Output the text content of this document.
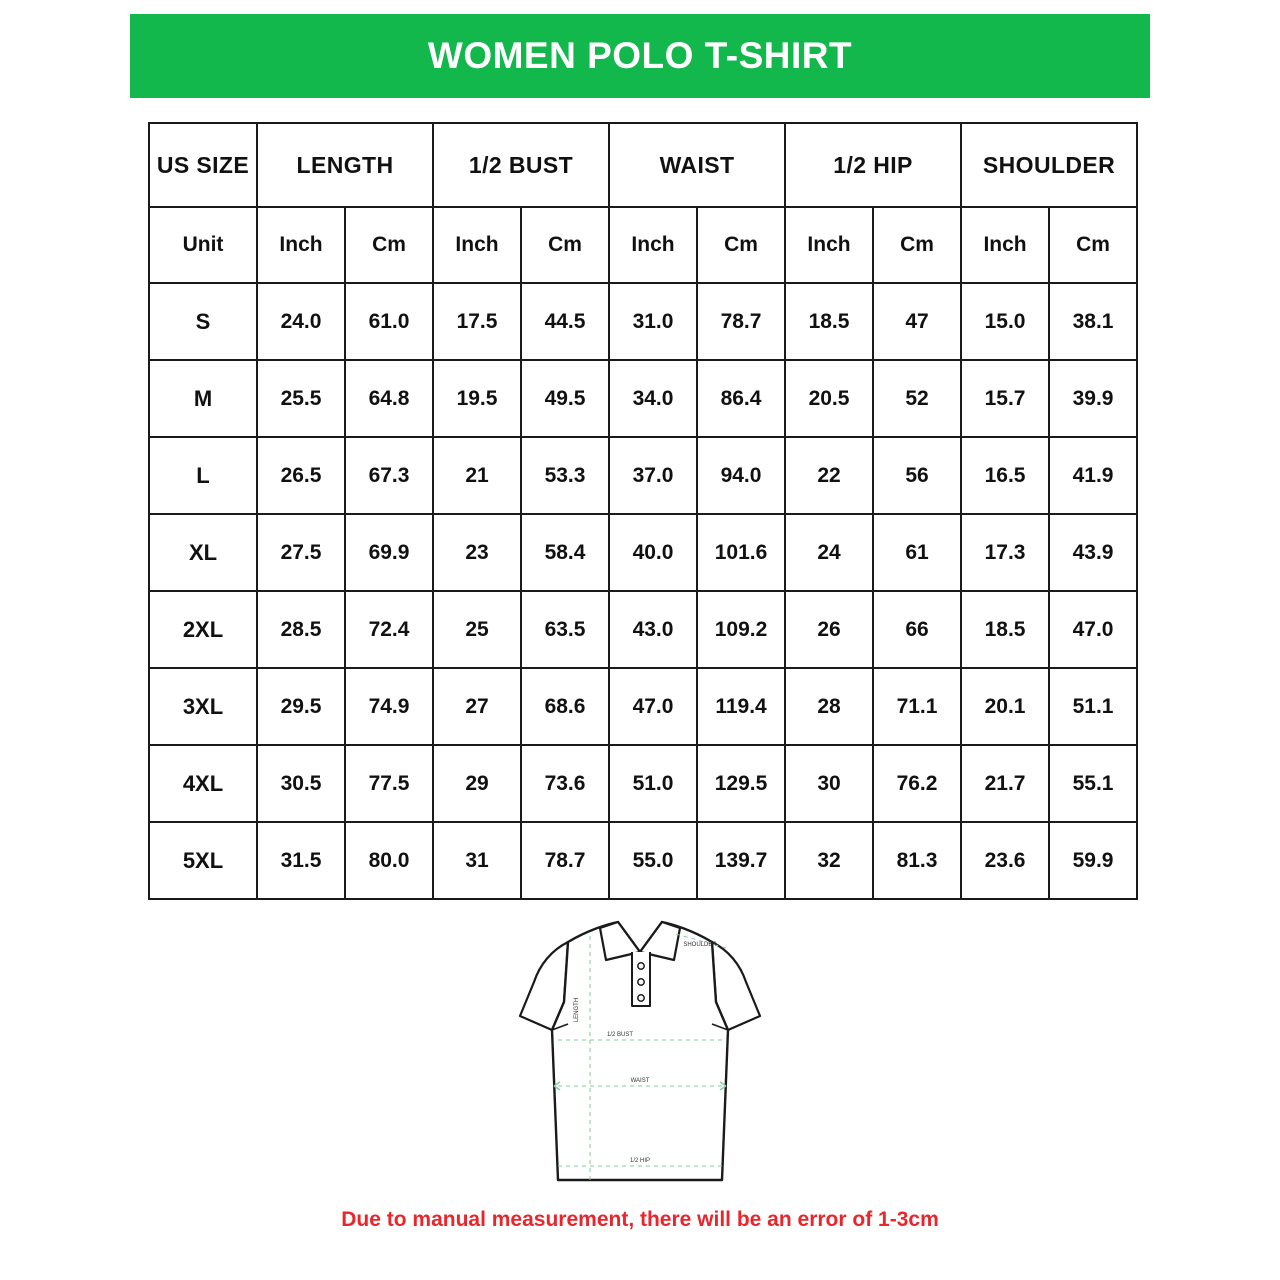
WOMEN POLO T-SHIRT
US SIZE	LENGTH		1/2 BUST		WAIST		1/2 HIP		SHOULDER	
Unit	Inch	Cm	Inch	Cm	Inch	Cm	Inch	Cm	Inch	Cm
S	24.0	61.0	17.5	44.5	31.0	78.7	18.5	47	15.0	38.1
M	25.5	64.8	19.5	49.5	34.0	86.4	20.5	52	15.7	39.9
L	26.5	67.3	21	53.3	37.0	94.0	22	56	16.5	41.9
XL	27.5	69.9	23	58.4	40.0	101.6	24	61	17.3	43.9
2XL	28.5	72.4	25	63.5	43.0	109.2	26	66	18.5	47.0
3XL	29.5	74.9	27	68.6	47.0	119.4	28	71.1	20.1	51.1
4XL	30.5	77.5	29	73.6	51.0	129.5	30	76.2	21.7	55.1
5XL	31.5	80.0	31	78.7	55.0	139.7	32	81.3	23.6	59.9
LENGTH
SHOULDER
1/2 BUST
WAIST
1/2 HIP
Due to manual measurement, there will be an error of 1-3cm
